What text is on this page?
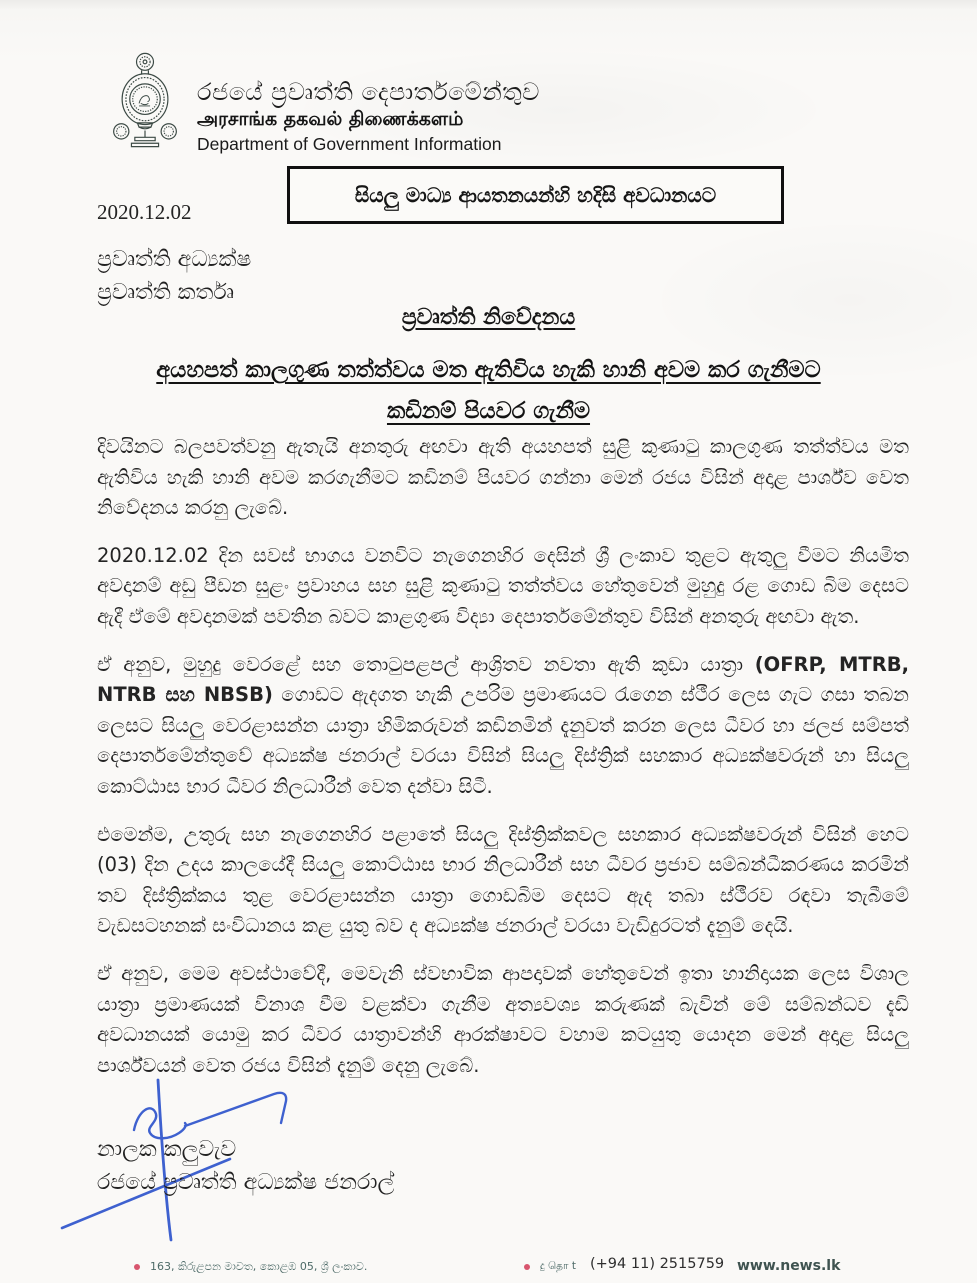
රජයේ ප්‍රවෘත්ති දෙපාර්තමේන්තුව

அரசாங்க தகவல் திணைக்களம்

Department of Government Information

සියලු මාධ්‍ය ආයතනයන්හි හදිසි අවධානයට
2020.12.02
ප්‍රවෘත්ති අධ්‍යක්ෂ
ප්‍රවෘත්ති කර්තෘ
ප්‍රවෘත්ති නිවේදනය
අයහපත් කාලගුණ තත්ත්වය මත ඇතිවිය හැකි හානි අවම කර ගැනීමට
කඩිනම් පියවර ගැනීම

දිවයිනට බලපවත්වනු ඇතැයි අනතුරු අඟවා ඇති අයහපත් සුළි කුණාටු කාලගුණ තත්ත්වය මත ඇතිවිය හැකි හානි අවම කරගැනීමට කඩිනම් පියවර ගන්නා මෙන් රජය විසින් අදාළ පාර්ශ්ව වෙත නිවේදනය කරනු ලැබේ.

2020.12.02 දින සවස් භාගය වනවිට නැගෙනහිර දෙසින් ශ්‍රී ලංකාව තුළට ඇතුලු වීමට නියමිත අවදානම් අඩු පීඩන සුළං ප්‍රවාහය සහ සුළි කුණාටු තත්ත්වය හේතුවෙන් මුහුදු රළ ගොඩ බිම දෙසට ඇදී ඒමේ අවදානමක් පවතින බවට කාළගුණ විද්‍යා දෙපාර්තමේන්තුව විසින් අනතුරු අඟවා ඇත.

ඒ අනුව, මුහුදු වෙරළේ සහ තොටුපළපල් ආශ්‍රිතව නවතා ඇති කුඩා යාත්‍රා (OFRP, MTRB, NTRB සහ NBSB) ගොඩට ඇදගත හැකි උපරිම ප්‍රමාණයට රැගෙන ස්ථීර ලෙස ගැට ගසා තබන ලෙසට සියලු වෙරළාසන්න යාත්‍රා හිමිකරුවන් කඩිනමින් දැනුවත් කරන ලෙස ධීවර හා ජලජ සම්පත් දෙපාර්තමේන්තුවේ අධ්‍යක්ෂ ජනරාල් වරයා විසින් සියලු දිස්ත්‍රික් සහකාර අධ්‍යක්ෂවරුන් හා සියලු කොට්ඨාස භාර ධීවර නිලධාරීන් වෙත දන්වා සිටී.

එමෙන්ම, උතුරු සහ නැගෙනහිර පළාතේ සියලු දිස්ත්‍රික්කවල සහකාර අධ්‍යක්ෂවරුන් විසින් හෙට (03) දින උදය කාලයේදී සියලු කොට්ඨාස භාර නිලධාරීන් සහ ධීවර ප්‍රජාව සම්බන්ධීකරණය කරමින් තව දිස්ත්‍රික්කය තුළ වෙරළාසන්න යාත්‍රා ගොඩබිම දෙසට ඇද තබා ස්ථීරව රඳවා තැබීමේ වැඩසටහනක් සංවිධානය කළ යුතු බව ද අධ්‍යක්ෂ ජනරාල් වරයා වැඩිදුරටත් දැනුම් දෙයි.

ඒ අනුව, මෙම අවස්ථාවේදී, මෙවැනි ස්වභාවික ආපදාවක් හේතුවෙන් ඉතා හානිදායක ලෙස විශාල යාත්‍රා ප්‍රමාණයක් විනාශ වීම වළක්වා ගැනීම අත්‍යවශ්‍ය කරුණක් බැවින් මේ සම්බන්ධව දැඩි අවධානයක් යොමු කර ධීවර යාත්‍රාවන්හි ආරක්ෂාවට වහාම කටයුතු යොදන මෙන් අදාළ සියලු පාර්ශ්වයන් වෙත රජය විසින් දැනුම් දෙනු ලැබේ.

නාලක කලුවැව
රජයේ ප්‍රවෘත්ති අධ්‍යක්ෂ ජනරාල්
163, කිරුළපන මාවත, කොළඹ 05, ශ්‍රී ලංකාව.	දු தொ t (+94 11) 2515759 www.news.lk
